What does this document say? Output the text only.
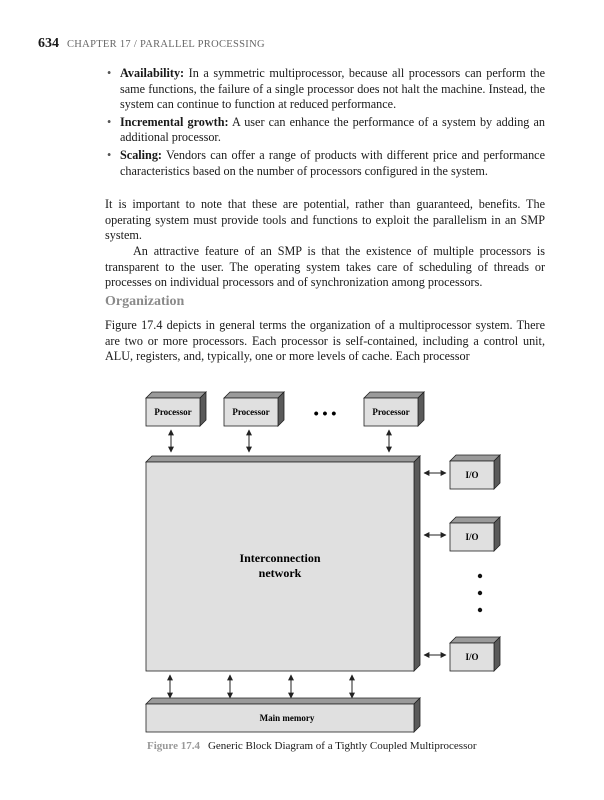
634 CHAPTER 17 / PARALLEL PROCESSING
• Availability: In a symmetric multiprocessor, because all processors can perform the same functions, the failure of a single processor does not halt the machine. Instead, the system can continue to function at reduced performance.
• Incremental growth: A user can enhance the performance of a system by adding an additional processor.
• Scaling: Vendors can offer a range of products with different price and performance characteristics based on the number of processors configured in the system.

It is important to note that these are potential, rather than guaranteed, benefits. The operating system must provide tools and functions to exploit the parallelism in an SMP system.

An attractive feature of an SMP is that the existence of multiple processors is transparent to the user. The operating system takes care of scheduling of threads or processes on individual processors and of synchronization among processors.

Organization

Figure 17.4 depicts in general terms the organization of a multiprocessor system. There are two or more processors. Each processor is self-contained, including a control unit, ALU, registers, and, typically, one or more levels of cache. Each processor

Processor	Processor	• • •	Processor
Interconnection
network
I/O
I/O
I/O
Main memory
Figure 17.4 Generic Block Diagram of a Tightly Coupled Multiprocessor
